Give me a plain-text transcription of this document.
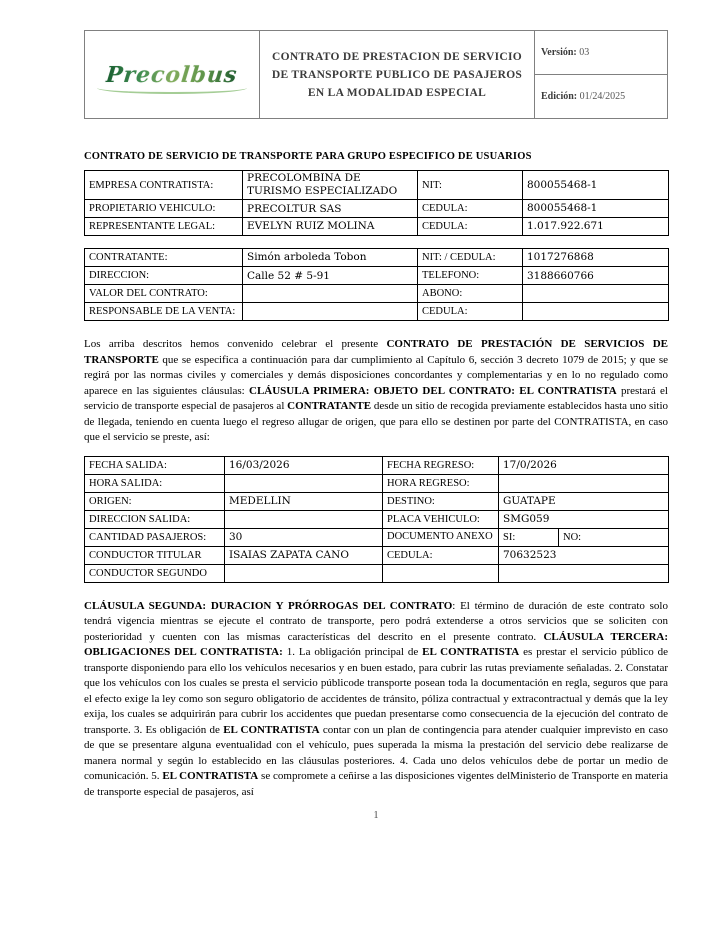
Precolbus

CONTRATO DE PRESTACION DE SERVICIO
DE TRANSPORTE PUBLICO DE PASAJEROS
EN LA MODALIDAD ESPECIAL
	Versión: 03
Edición: 01/24/2025
CONTRATO DE SERVICIO DE TRANSPORTE PARA GRUPO ESPECIFICO DE USUARIOS
EMPRESA CONTRATISTA:	PRECOLOMBINA DE TURISMO ESPECIALIZADO	NIT:	800055468-1
PROPIETARIO VEHICULO:	PRECOLTUR SAS	CEDULA:	800055468-1
REPRESENTANTE LEGAL:	EVELYN RUIZ MOLINA	CEDULA:	1.017.922.671
CONTRATANTE:	Simón arboleda Tobon	NIT: / CEDULA:	1017276868
DIRECCION:	Calle 52 # 5-91	TELEFONO:	3188660766
VALOR DEL CONTRATO:		ABONO:	
RESPONSABLE DE LA VENTA:		CEDULA:	

Los arriba descritos hemos convenido celebrar el presente CONTRATO DE PRESTACIÓN DE SERVICIOS DE TRANSPORTE que se especifica a continuación para dar cumplimiento al Capítulo 6, sección 3 decreto 1079 de 2015; y que se regirá por las normas civiles y comerciales y demás disposiciones concordantes y complementarias y en lo no regulado como aparece en las siguientes cláusulas: CLÁUSULA PRIMERA: OBJETO DEL CONTRATO: EL CONTRATISTA prestará el servicio de transporte especial de pasajeros al CONTRATANTE desde un sitio de recogida previamente establecidos hasta uno sitio de llegada, teniendo en cuenta luego el regreso allugar de origen, que para ello se destinen por parte del CONTRATISTA, en caso que el servicio se preste, así:

FECHA SALIDA:	16/03/2026	FECHA REGRESO:	17/0/2026	
HORA SALIDA:		HORA REGRESO:		
ORIGEN:	MEDELLIN	DESTINO:	GUATAPE	
DIRECCION SALIDA:		PLACA VEHICULO:	SMG059	
CANTIDAD PASAJEROS:	30	DOCUMENTO ANEXO	SI:	NO:
CONDUCTOR TITULAR	ISAIAS ZAPATA CANO	CEDULA:	70632523	
CONDUCTOR SEGUNDO				

CLÁUSULA SEGUNDA: DURACION Y PRÓRROGAS DEL CONTRATO: El término de duración de este contrato solo tendrá vigencia mientras se ejecute el contrato de transporte, pero podrá extenderse a otros servicios que se soliciten con posterioridad y cuenten con las mismas características del descrito en el presente contrato. CLÁUSULA TERCERA: OBLIGACIONES DEL CONTRATISTA: 1. La obligación principal de EL CONTRATISTA es prestar el servicio público de transporte disponiendo para ello los vehículos necesarios y en buen estado, para cubrir las rutas previamente señaladas. 2. Constatar que los vehículos con los cuales se presta el servicio públicode transporte posean toda la documentación en regla, seguros que para el efecto exige la ley como son seguro obligatorio de accidentes de tránsito, póliza contractual y extracontractual y demás que la ley exija, los cuales se adquirirán para cubrir los accidentes que puedan presentarse como consecuencia de la ejecución del contrato de transporte. 3. Es obligación de EL CONTRATISTA contar con un plan de contingencia para atender cualquier imprevisto en caso de que se presentare alguna eventualidad con el vehículo, pues superada la misma la prestación del servicio debe realizarse de manera normal y según lo establecido en las cláusulas posteriores. 4. Cada uno delos vehículos debe de portar un medio de comunicación. 5. EL CONTRATISTA se compromete a ceñirse a las disposiciones vigentes delMinisterio de Transporte en materia de transporte especial de pasajeros, así

1
